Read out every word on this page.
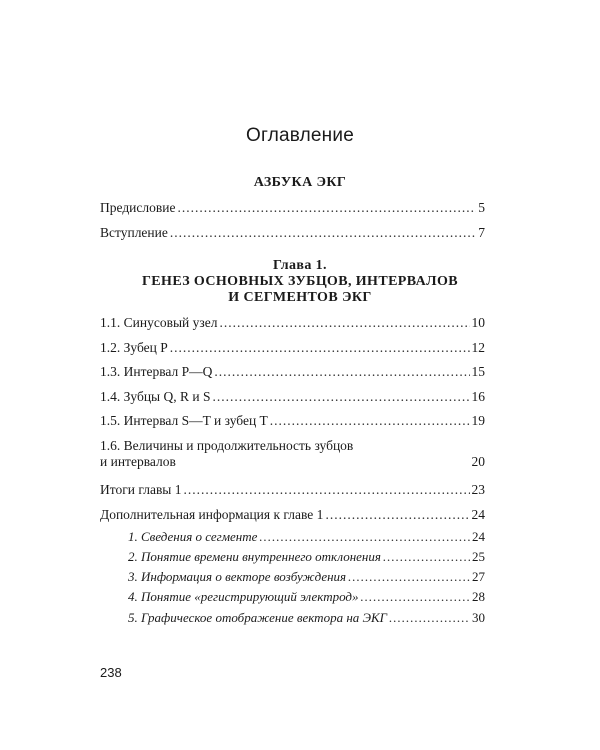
Оглавление
АЗБУКА ЭКГ
Предисловие .....	5
Вступление .....	7
Глава 1.
ГЕНЕЗ ОСНОВНЫХ ЗУБЦОВ, ИНТЕРВАЛОВ
И СЕГМЕНТОВ ЭКГ
1.1. Синусовый узел .....	10
1.2. Зубец P .....	12
1.3. Интервал P—Q .....	15
1.4. Зубцы Q, R и S .....	16
1.5. Интервал S—T и зубец T .....	19
1.6. Величины и продолжительность зубцов
и интервалов	20
Итоги главы 1 .....	23
Дополнительная информация к главе 1 .....	24
1. Сведения о сегменте .....	24
2. Понятие времени внутреннего отклонения .....	25
3. Информация о векторе возбуждения .....	27
4. Понятие «регистрирующий электрод» .....	28
5. Графическое отображение вектора на ЭКГ .....	30
238
